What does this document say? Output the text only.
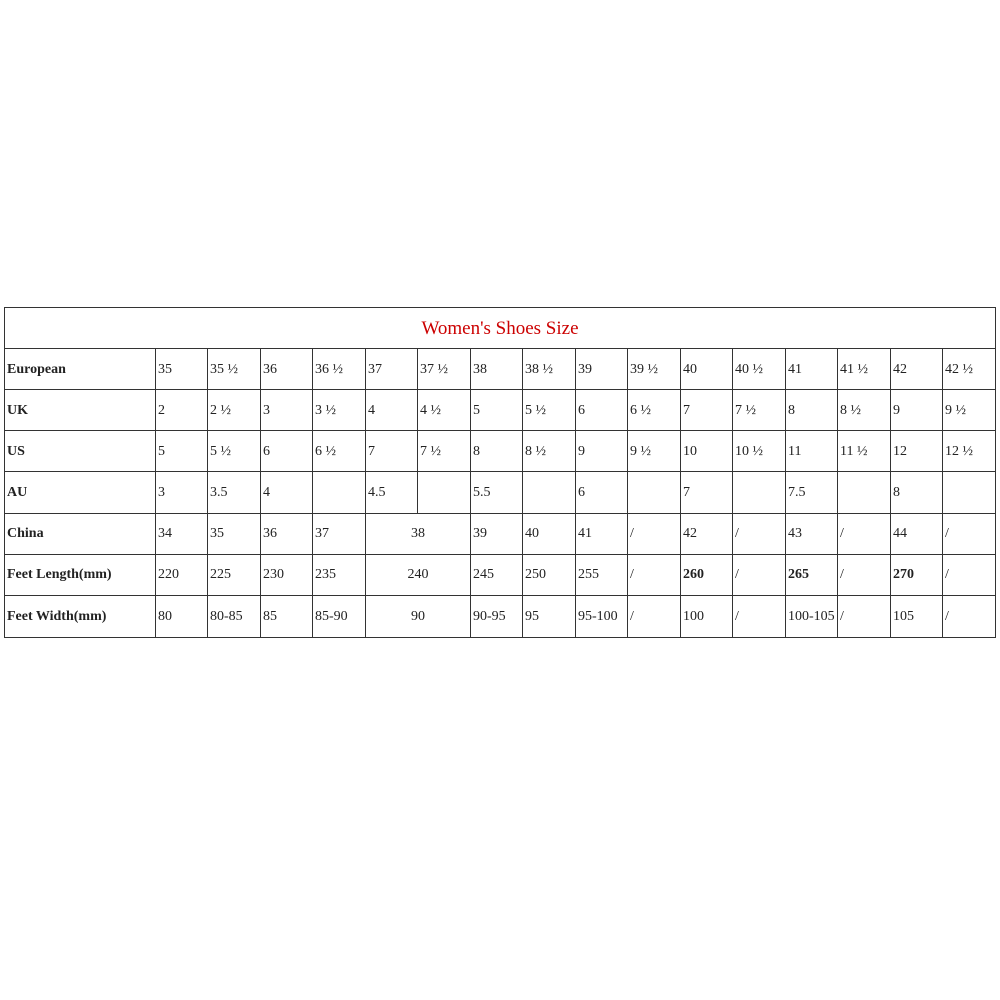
Women's Shoes Size																
European	35	35 ½	36	36 ½	37	37 ½	38	38 ½	39	39 ½	40	40 ½	41	41 ½	42	42 ½
UK	2	2 ½	3	3 ½	4	4 ½	5	5 ½	6	6 ½	7	7 ½	8	8 ½	9	9 ½
US	5	5 ½	6	6 ½	7	7 ½	8	8 ½	9	9 ½	10	10 ½	11	11 ½	12	12 ½
AU	3	3.5	4		4.5		5.5		6		7		7.5		8	
China	34	35	36	37	38		39	40	41	/	42	/	43	/	44	/
Feet Length(mm)	220	225	230	235	240		245	250	255	/	260	/	265	/	270	/
Feet Width(mm)	80	80-85	85	85-90	90		90-95	95	95-100	/	100	/	100-105	/	105	/
